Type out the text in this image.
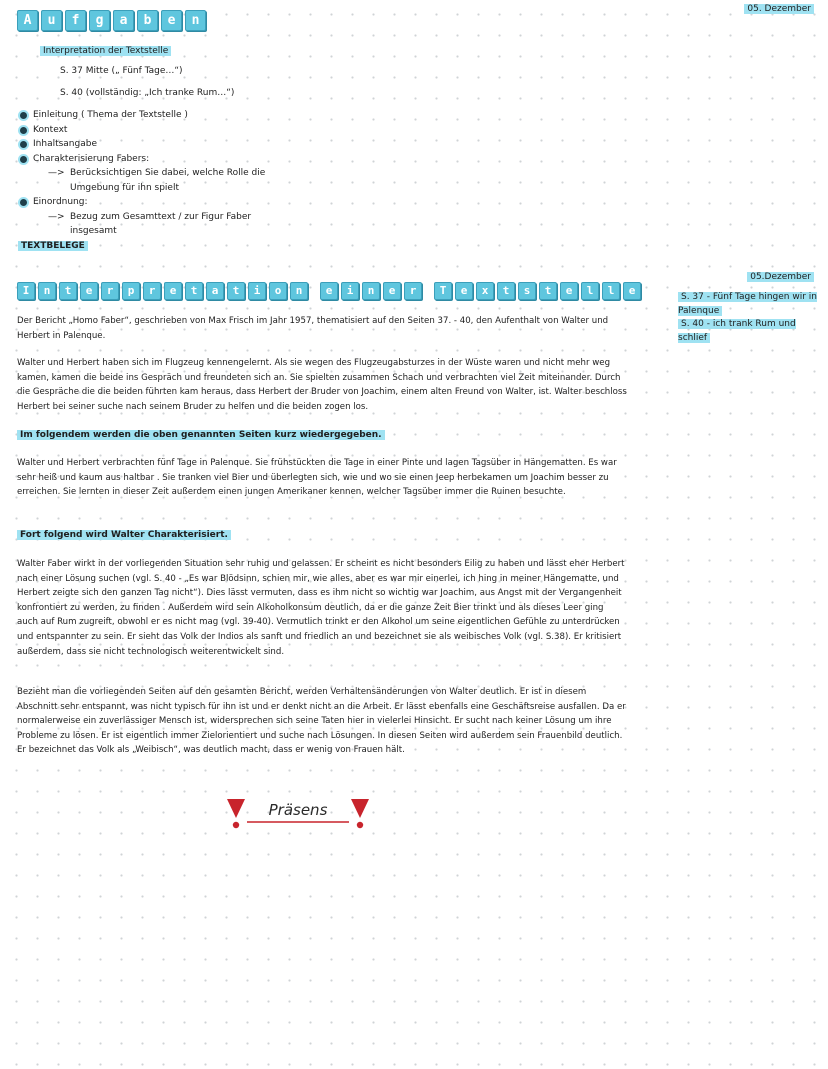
A	u	f	g	a	b	e	n
05. Dezember
Interpretation der Textstelle
S. 37 Mitte („ Fünf Tage…“)
S. 40 (vollständig: „Ich tranke Rum…“)
Einleitung ( Thema der Textstelle )
Kontext
Inhaltsangabe
Charakterisierung Fabers:
—> Berücksichtigen Sie dabei, welche Rolle die
Umgebung für ihn spielt
Einordnung:
—> Bezug zum Gesamttext / zur Figur Faber
insgesamt
TEXTBELEGE
I	n	t	e	r	p	r	e	t	a	t	i	o	n	e	i	n	e	r	T	e	x	t	s	t	e	l	l	e
Der Bericht „Homo Faber“, geschrieben von Max Frisch im Jahr 1957, thematisiert auf den Seiten 37. - 40, den Aufenthalt von Walter und Herbert in Palenque.
Walter und Herbert haben sich im Flugzeug kennengelernt. Als sie wegen des Flugzeugabsturzes in der Wüste waren und nicht mehr weg kamen, kamen die beide ins Gespräch und freundeten sich an. Sie spielten zusammen Schach und verbrachten viel Zeit miteinander. Durch die Gespräche die die beiden führten kam heraus, dass Herbert der Bruder von Joachim, einem alten Freund von Walter, ist. Walter beschloss Herbert bei seiner suche nach seinem Bruder zu helfen und die beiden zogen los.
Im folgendem werden die oben genannten Seiten kurz wiedergegeben.
Walter und Herbert verbrachten fünf Tage in Palenque. Sie frühstückten die Tage in einer Pinte und lagen Tagsüber in Hängematten. Es war sehr heiß und kaum aus haltbar . Sie tranken viel Bier und überlegten sich, wie und wo sie einen Jeep herbekamen um Joachim besser zu erreichen. Sie lernten in dieser Zeit außerdem einen jungen Amerikaner kennen, welcher Tagsüber immer die Ruinen besuchte.
Fort folgend wird Walter Charakterisiert.
Walter Faber wirkt in der vorliegenden Situation sehr ruhig und gelassen. Er scheint es nicht besonders Eilig zu haben und lässt eher Herbert nach einer Lösung suchen (vgl. S. 40 - „Es war Blödsinn, schien mir, wie alles, aber es war mir einerlei, ich hing in meiner Hängematte, und Herbert zeigte sich den ganzen Tag nicht“). Dies lässt vermuten, dass es ihm nicht so wichtig war Joachim, aus Angst mit der Vergangenheit konfrontiert zu werden, zu finden . Außerdem wird sein Alkoholkonsum deutlich, da er die ganze Zeit Bier trinkt und als dieses Leer ging auch auf Rum zugreift, obwohl er es nicht mag (vgl. 39-40). Vermutlich trinkt er den Alkohol um seine eigentlichen Gefühle zu unterdrücken und entspannter zu sein. Er sieht das Volk der Indios als sanft und friedlich an und bezeichnet sie als weibisches Volk (vgl. S.38). Er kritisiert außerdem, dass sie nicht technologisch weiterentwickelt sind.
Bezieht man die vorliegenden Seiten auf den gesamten Bericht, werden Verhaltensänderungen von Walter deutlich. Er ist in diesem Abschnitt sehr entspannt, was nicht typisch für ihn ist und er denkt nicht an die Arbeit. Er lässt ebenfalls eine Geschäftsreise ausfallen. Da er normalerweise ein zuverlässiger Mensch ist, widersprechen sich seine Taten hier in vielerlei Hinsicht. Er sucht nach keiner Lösung um ihre Probleme zu lösen. Er ist eigentlich immer Zielorientiert und suche nach Lösungen. In diesen Seiten wird außerdem sein Frauenbild deutlich. Er bezeichnet das Volk als „Weibisch“, was deutlich macht, dass er wenig von Frauen hält.
Präsens
05.Dezember
S. 37 - Fünf Tage hingen wir in Palenque
S. 40 - ich trank Rum und schlief
